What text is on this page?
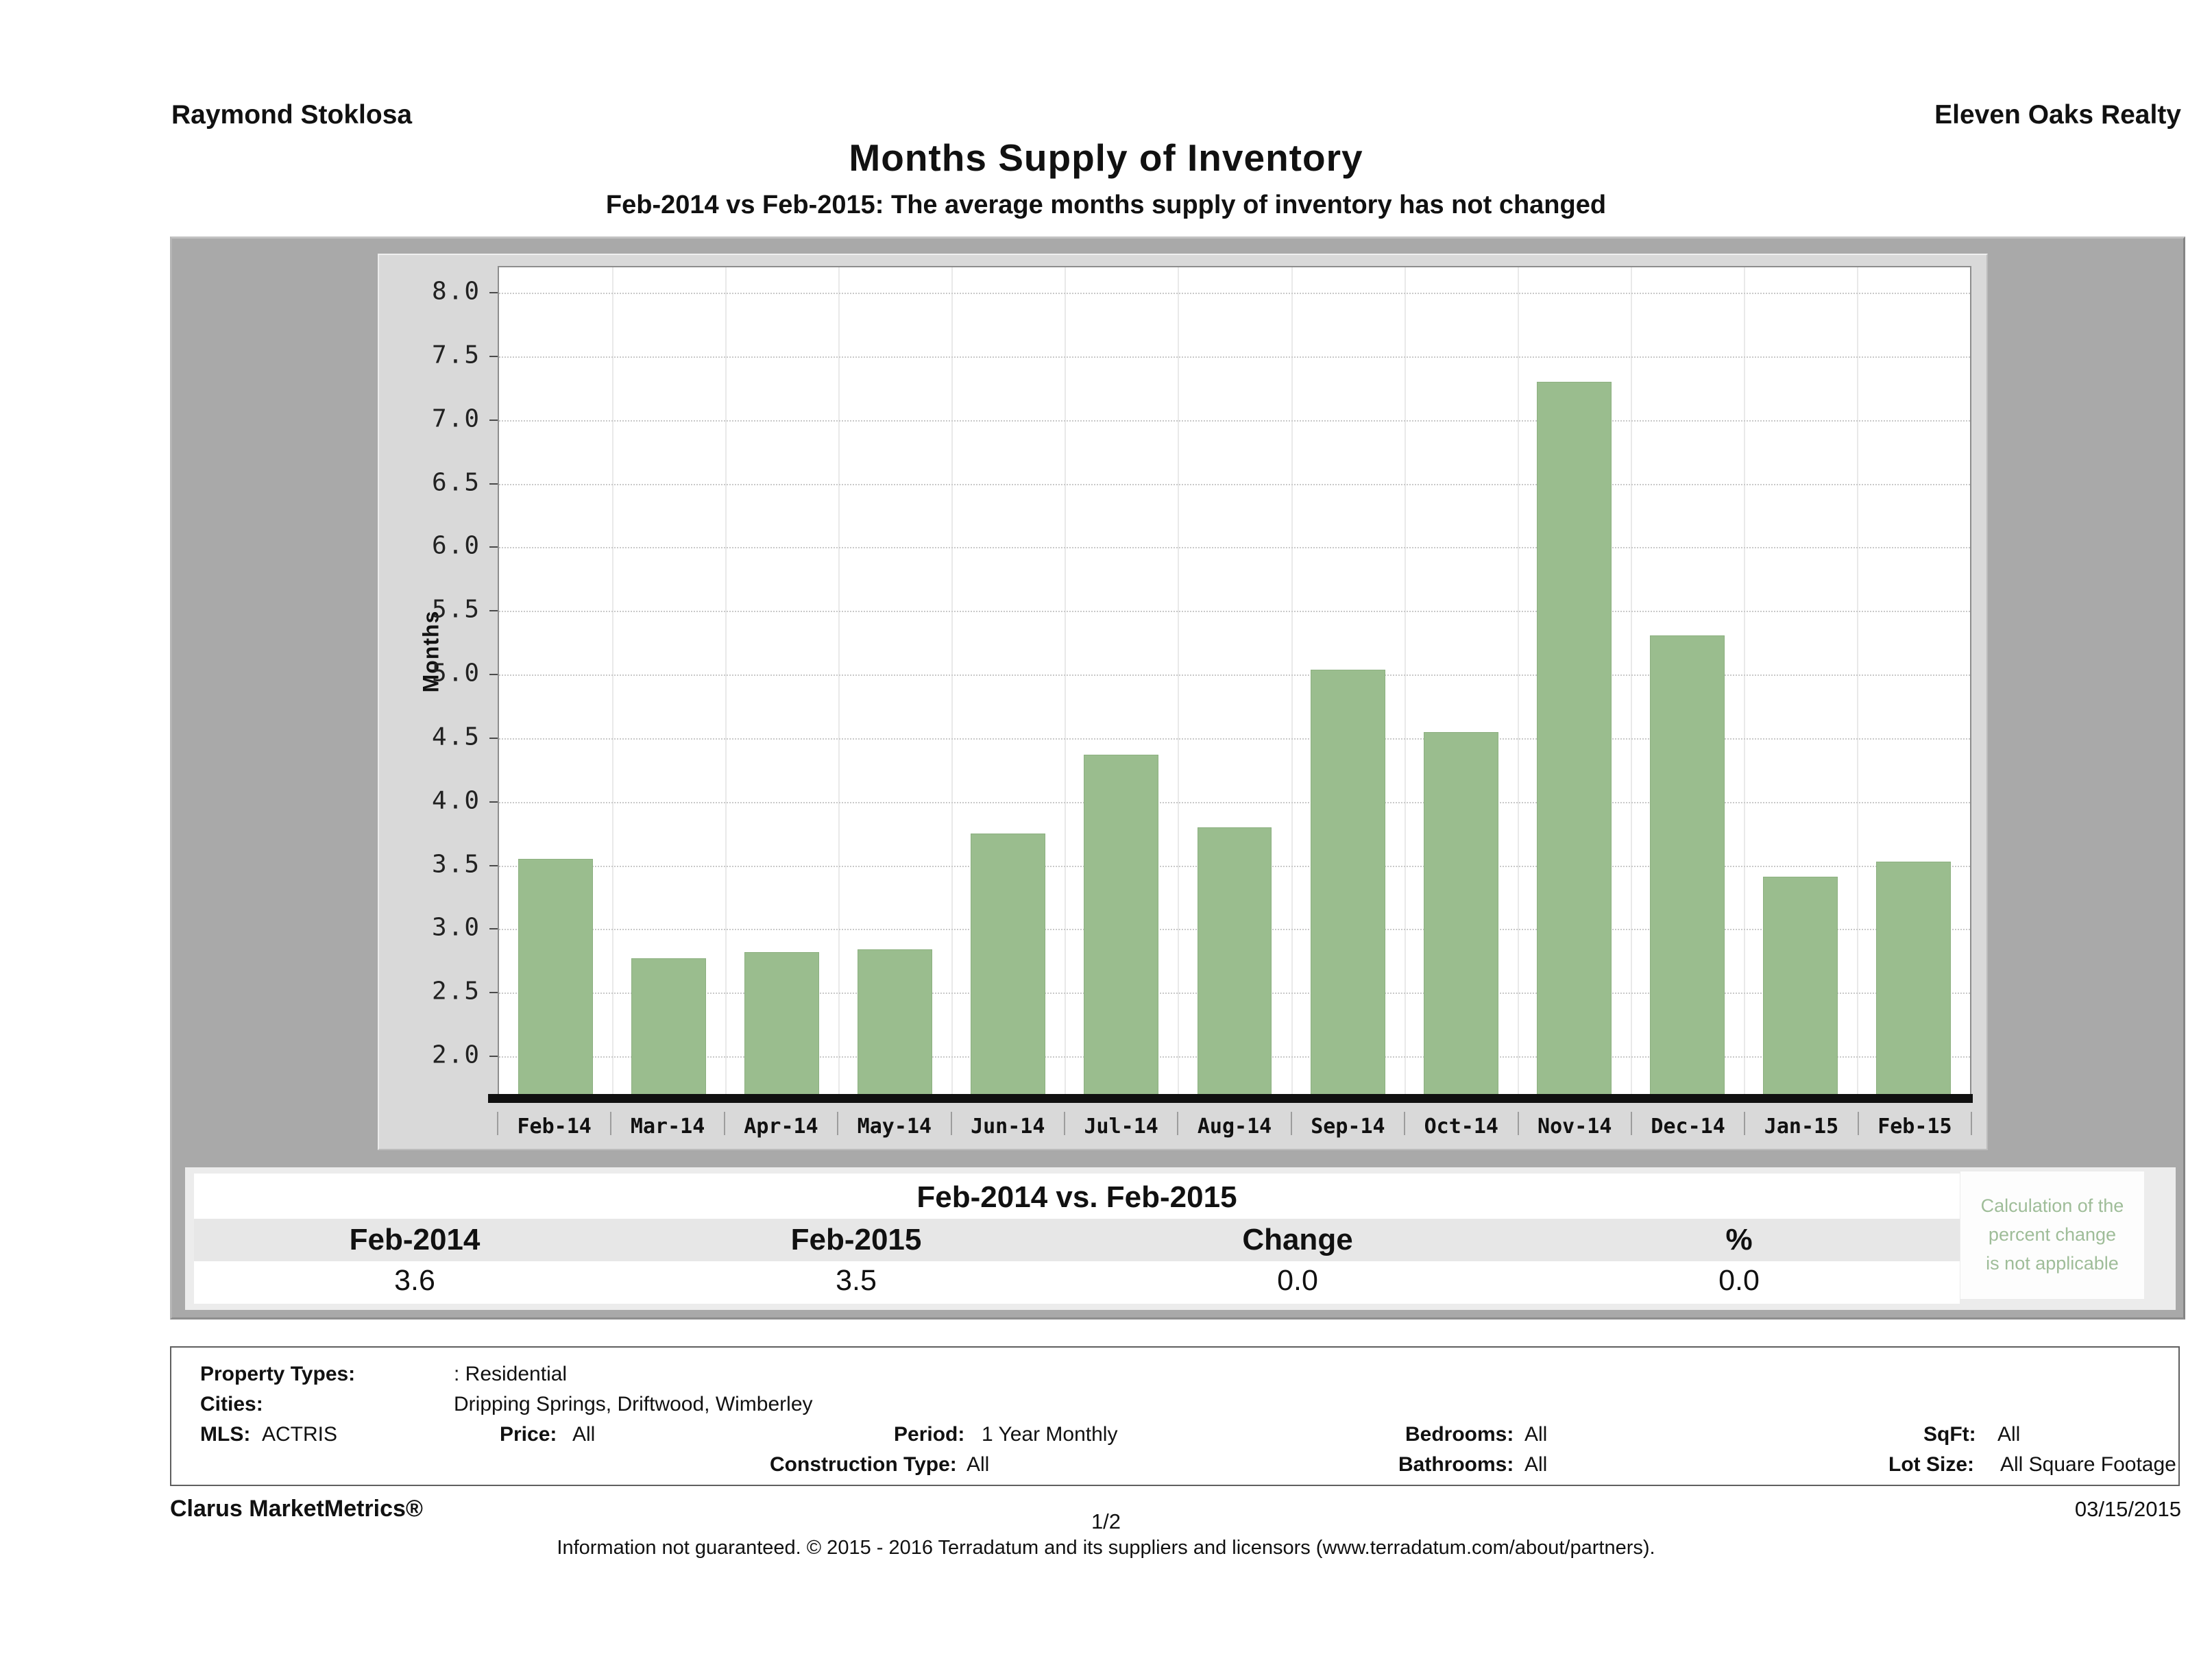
Raymond Stoklosa	Eleven Oaks Realty
Months Supply of Inventory
Feb-2014 vs Feb-2015: The average months supply of inventory has not changed
Months
2.0
2.5
3.0
3.5
4.0
4.5
5.0
5.5
6.0
6.5
7.0
7.5
8.0
Feb-14	Mar-14	Apr-14	May-14	Jun-14	Jul-14	Aug-14	Sep-14	Oct-14	Nov-14	Dec-14	Jan-15	Feb-15
Feb-2014 vs. Feb-2015
Feb-2014	Feb-2015	Change	%
3.6	3.5	0.0	0.0
Calculation of the
percent change
is not applicable
Property Types:	: Residential
Cities:	Dripping Springs, Driftwood, Wimberley
MLS: ACTRIS	Price: All	Period: 1 Year Monthly	Bedrooms: All	SqFt: All
Construction Type: All	Bathrooms: All	Lot Size: All Square Footage
Clarus MarketMetrics®	1/2
03/15/2015
Information not guaranteed. © 2015 - 2016 Terradatum and its suppliers and licensors (www.terradatum.com/about/partners).
